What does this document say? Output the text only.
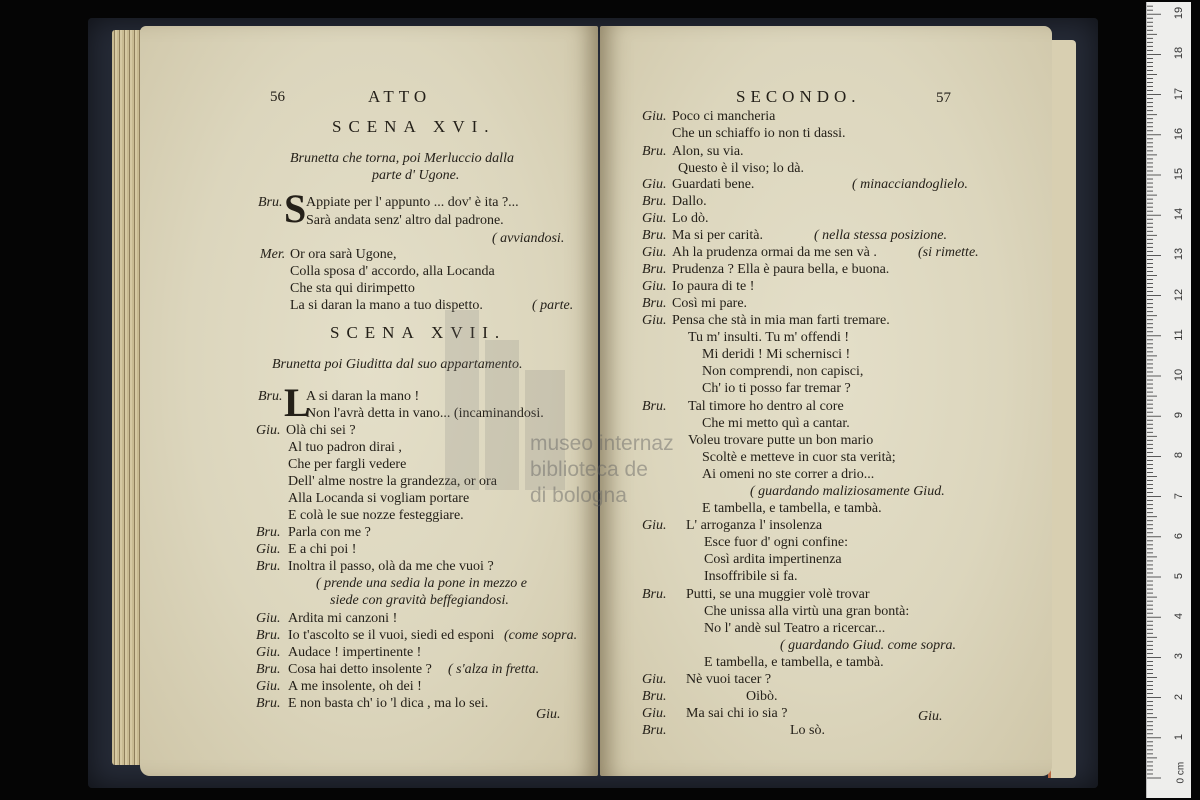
56	ATTO
SCENA XVI.
Brunetta che torna, poi Merluccio dalla
parte d' Ugone.
Bru. S Appiate per l' appunto ... dov' è ita ?...
Sarà andata senz' altro dal padrone.
( avviandosi.
Mer. Or ora sarà Ugone,
Colla sposa d' accordo, alla Locanda
Che sta qui dirimpetto
La si daran la mano a tuo dispetto.	( parte.
SCENA XVII.
Brunetta poi Giuditta dal suo appartamento.
Bru. L
A si daran la mano !
Non l'avrà detta in vano... (incaminandosi.
Giu. Olà chi sei ?
Al tuo padron dirai ,
Che per fargli vedere
Dell' alme nostre la grandezza, or ora
Alla Locanda si vogliam portare
E colà le sue nozze festeggiare.
Bru. Parla con me ?
Giu. E a chi poi !
Bru. Inoltra il passo, olà da me che vuoi ?
( prende una sedia la pone in mezzo e
siede con gravità beffegiandosi.
Giu. Ardita mi canzoni !
Bru. Io t'ascolto se il vuoi, siedi ed esponi (come sopra.
Giu. Audace ! impertinente !
Bru. Cosa hai detto insolente ? ( s'alza in fretta.
Giu. A me insolente, oh dei !
Bru. E non basta ch' io 'l dica , ma lo sei.
Giu.
SECONDO.	57
Giu. Poco ci mancheria
Che un schiaffo io non ti dassi.
Bru. Alon, su via.
Questo è il viso; lo dà.
Giu. Guardati bene.	( minacciandoglielo.
Bru. Dallo.
Giu. Lo dò.
Bru. Ma si per carità.	( nella stessa posizione.
Giu. Ah la prudenza ormai da me sen và .	(si rimette.
Bru. Prudenza ? Ella è paura bella, e buona.
Giu. Io paura di te !
Bru. Così mi pare.
Giu. Pensa che stà in mia man farti tremare.
Tu m' insulti. Tu m' offendi !
Mi deridi ! Mi schernisci !
Non comprendi, non capisci,
Ch' io ti posso far tremar ?
Bru. Tal timore ho dentro al core
Che mi metto quì a cantar.
Voleu trovare putte un bon mario
Scoltè e metteve in cuor sta verità;
Ai omeni no ste correr a drio...
( guardando maliziosamente Giud.
E tambella, e tambella, e tambà.
Giu. L' arroganza l' insolenza
Esce fuor d' ogni confine:
Così ardita impertinenza
Insoffribile si fa.
Bru. Putti, se una muggier volè trovar
Che unissa alla virtù una gran bontà:
No l' andè sul Teatro a ricercar...
( guardando Giud. come sopra.
E tambella, e tambella, e tambà.
Giu. Nè vuoi tacer ?
Bru.	Oibò.
Giu. Ma sai chi io sia ?
Bru.	Lo sò.
Giu.
museo internaz
biblioteca de
di bologna
0 cm
1
2
3
4
5
6
7
8
9
10
11
12
13
14
15
16
17
18
19
